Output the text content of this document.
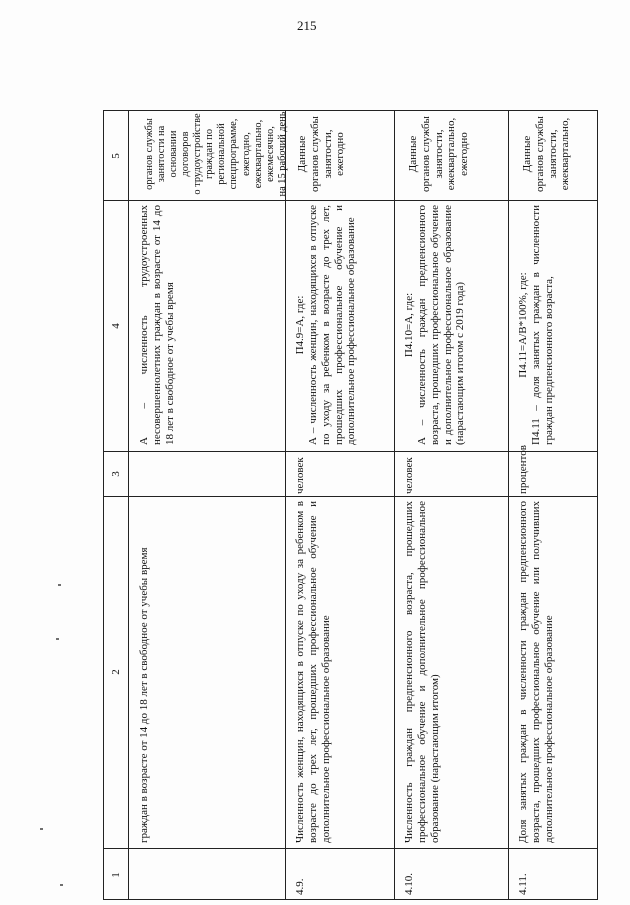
215
1
2
3
4
5
граждан в возрасте от 14 до 18 лет в свободное от учебы время
А – численность трудоустроенных несовершеннолетних граждан в возрасте от 14 до 18 лет в свободное от учебы время
органов службы
занятости на основании
договоров
о трудоустройстве
граждан по региональной
спецпрограмме,
ежегодно,
ежеквартально,
ежемесячно,
на 15 рабочий день
4.9.
Численность женщин, находящихся в отпуске по уходу за ребенком в возрасте до трех лет, прошедших профессиональное обучение и дополнительное профессиональное образование
человек
П4.9=А, где: А – численность женщин, находящихся в отпуске по уходу за ребенком в возрасте до трех лет, прошедших профессиональное обучение и дополнительное профессиональное образование
Данные
органов службы
занятости,
ежегодно
4.10.
Численность граждан предпенсионного возраста, прошедших профессиональное обучение и дополнительное профессиональное образование (нарастающим итогом)
человек
П4.10=А, где: А – численность граждан предпенсионного возраста, прошедших профессиональное обучение и дополнительное профессиональное образование (нарастающим итогом с 2019 года)
Данные
органов службы
занятости,
ежеквартально,
ежегодно
4.11.
Доля занятых граждан в численности граждан предпенсионного возраста, прошедших профессиональное обучение или получивших дополнительное профессиональное образование
процентов
П4.11=А/В*100%, где: П4.11 – доля занятых граждан в численности граждан предпенсионного возраста,
Данные
органов службы
занятости,
ежеквартально,
